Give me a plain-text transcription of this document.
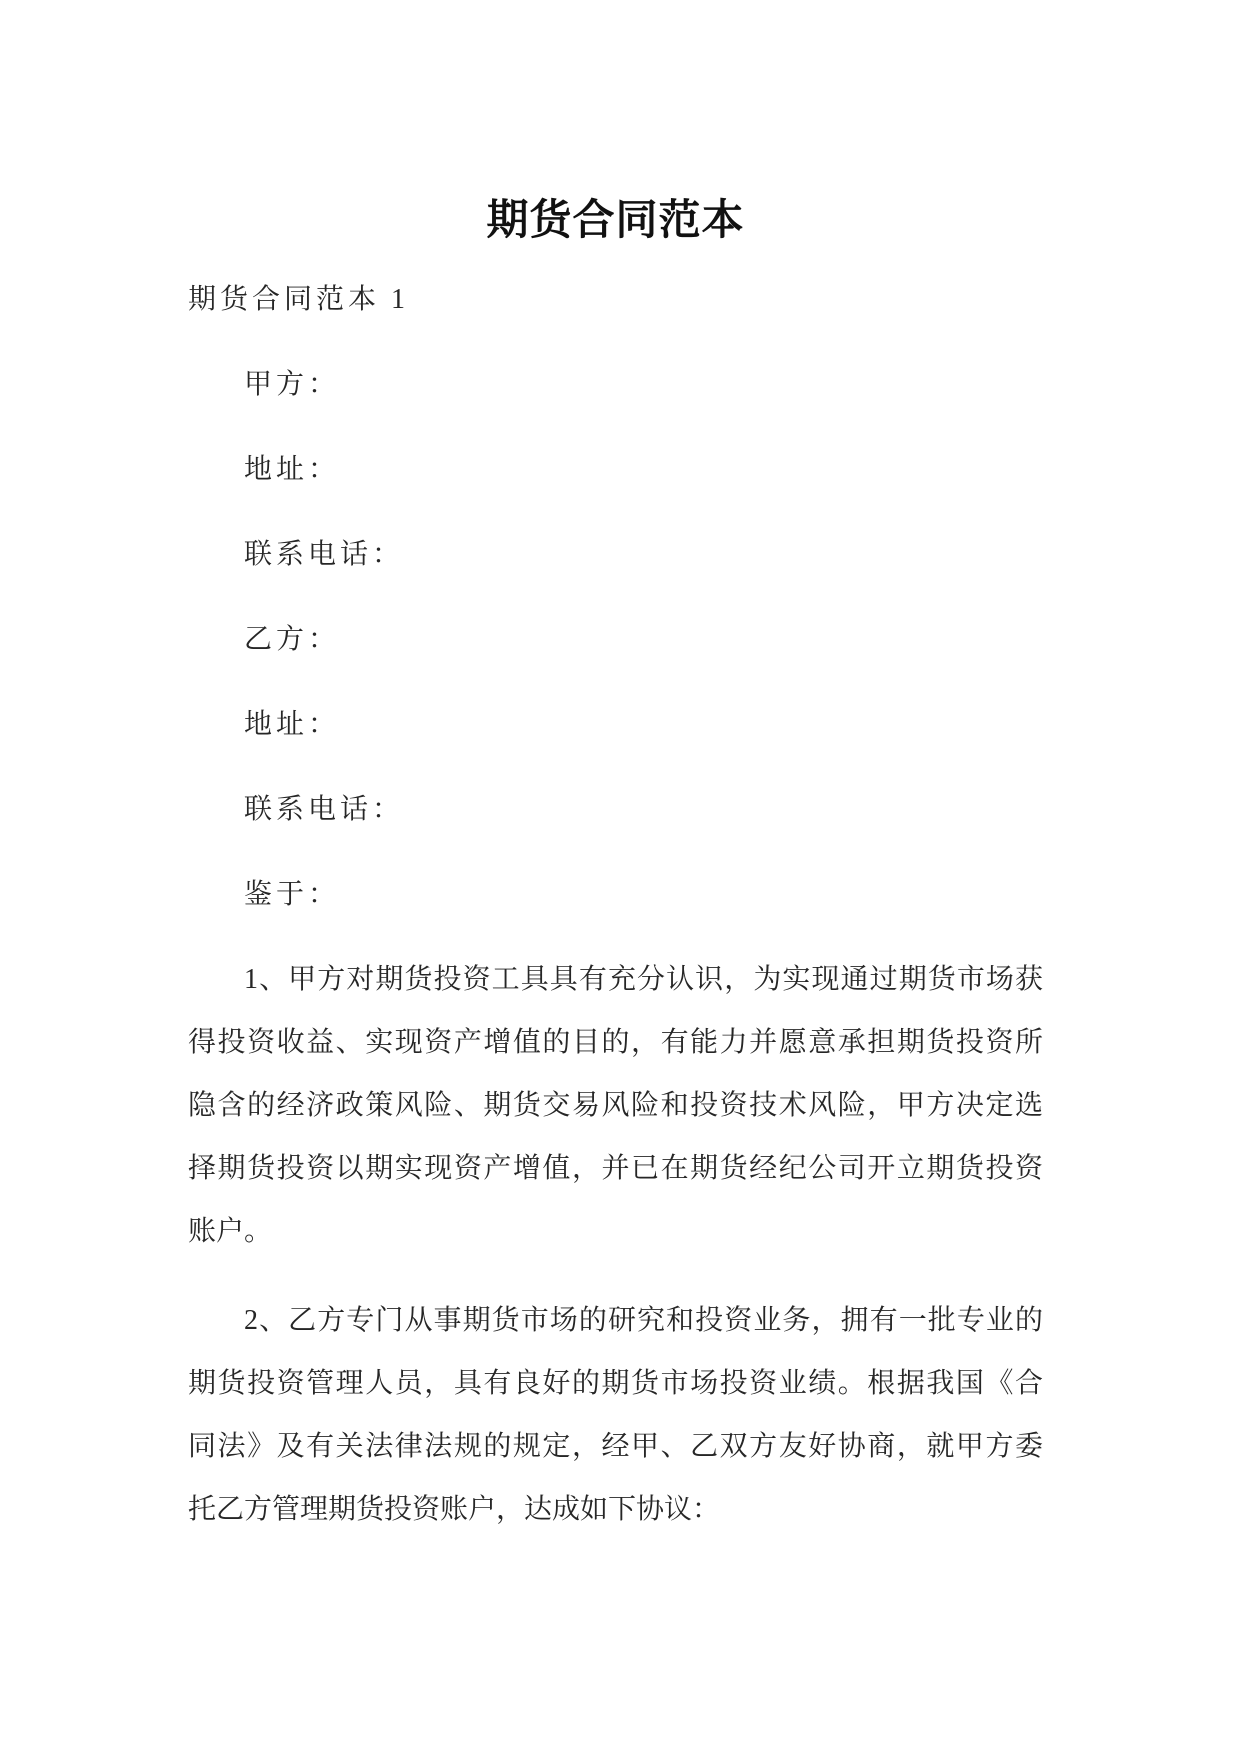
期货合同范本
期货合同范本 1
甲方：
地址：
联系电话：
乙方：
地址：
联系电话：
鉴于：
1、甲方对期货投资工具具有充分认识，为实现通过期货市场获
得投资收益、实现资产增值的目的，有能力并愿意承担期货投资所
隐含的经济政策风险、期货交易风险和投资技术风险，甲方决定选
择期货投资以期实现资产增值，并已在期货经纪公司开立期货投资
账户。
2、乙方专门从事期货市场的研究和投资业务，拥有一批专业的
期货投资管理人员，具有良好的期货市场投资业绩。根据我国《合
同法》及有关法律法规的规定，经甲、乙双方友好协商，就甲方委
托乙方管理期货投资账户，达成如下协议：
